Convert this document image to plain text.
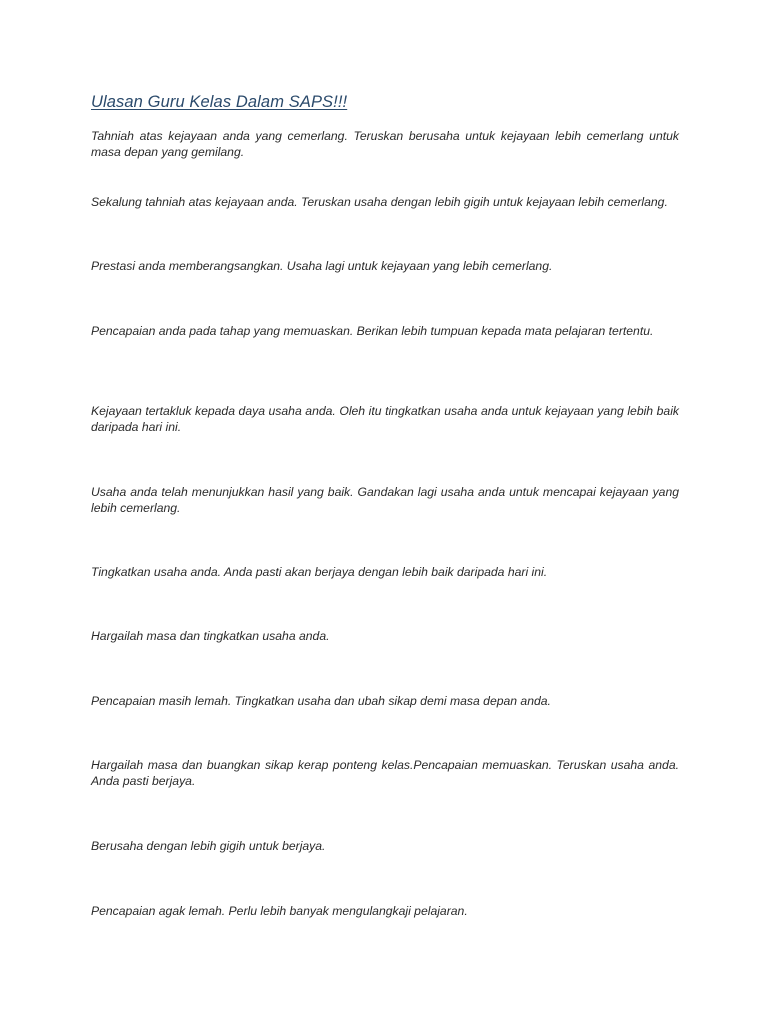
Ulasan Guru Kelas Dalam SAPS!!!

Tahniah atas kejayaan anda yang cemerlang. Teruskan berusaha untuk kejayaan lebih cemerlang untuk masa depan yang gemilang.

Sekalung tahniah atas kejayaan anda. Teruskan usaha dengan lebih gigih untuk kejayaan lebih cemerlang.

Prestasi anda memberangsangkan. Usaha lagi untuk kejayaan yang lebih cemerlang.

Pencapaian anda pada tahap yang memuaskan. Berikan lebih tumpuan kepada mata pelajaran tertentu.

Kejayaan tertakluk kepada daya usaha anda. Oleh itu tingkatkan usaha anda untuk kejayaan yang lebih baik daripada hari ini.

Usaha anda telah menunjukkan hasil yang baik. Gandakan lagi usaha anda untuk mencapai kejayaan yang lebih cemerlang.

Tingkatkan usaha anda. Anda pasti akan berjaya dengan lebih baik daripada hari ini.

Hargailah masa dan tingkatkan usaha anda.

Pencapaian masih lemah. Tingkatkan usaha dan ubah sikap demi masa depan anda.

Hargailah masa dan buangkan sikap kerap ponteng kelas.Pencapaian memuaskan. Teruskan usaha anda. Anda pasti berjaya.

Berusaha dengan lebih gigih untuk berjaya.

Pencapaian agak lemah. Perlu lebih banyak mengulangkaji pelajaran.
